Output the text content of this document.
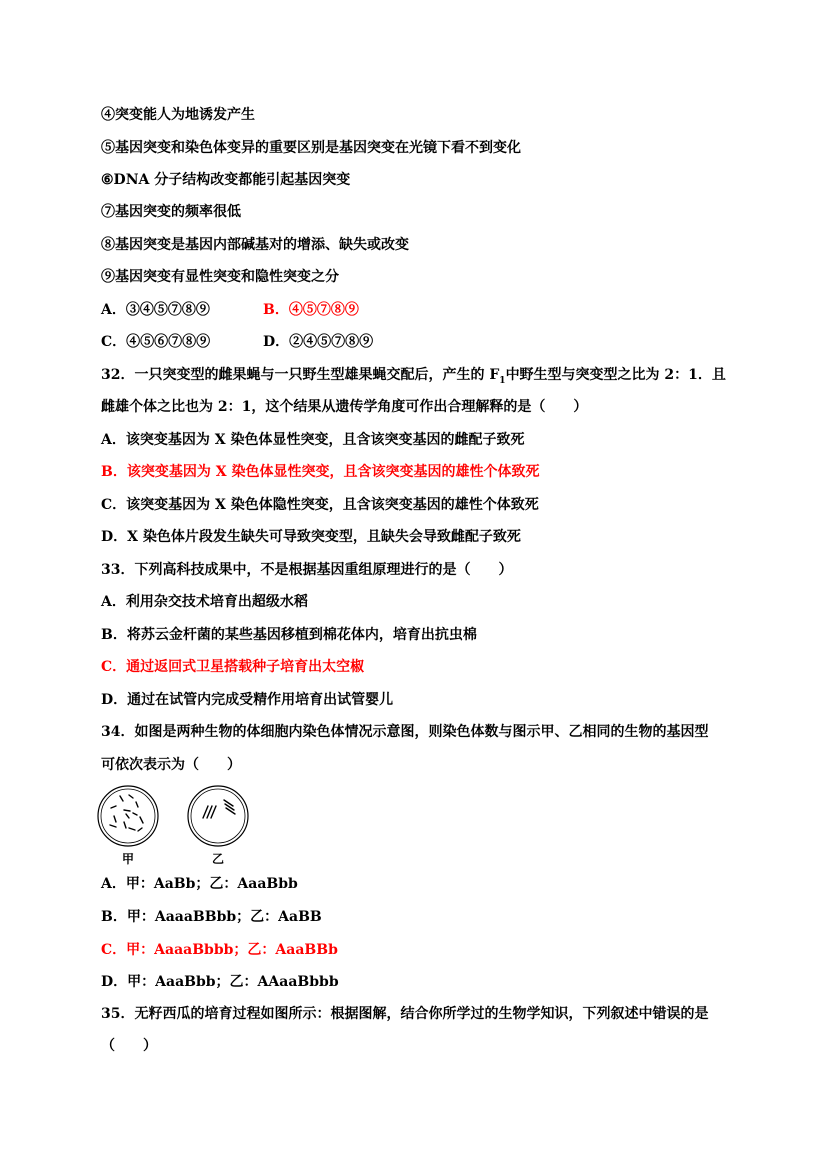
④突变能人为地诱发产生
⑤基因突变和染色体变异的重要区别是基因突变在光镜下看不到变化
⑥DNA 分子结构改变都能引起基因突变
⑦基因突变的频率很低
⑧基因突变是基因内部碱基对的增添、缺失或改变
⑨基因突变有显性突变和隐性突变之分
A．③④⑤⑦⑧⑨	B．④⑤⑦⑧⑨
C．④⑤⑥⑦⑧⑨	D．②④⑤⑦⑧⑨
32．一只突变型的雌果蝇与一只野生型雄果蝇交配后，产生的 $F_1$中野生型与突变型之比为 2：1．且
雌雄个体之比也为 2：1，这个结果从遗传学角度可作出合理解释的是（　　）
A．该突变基因为 X 染色体显性突变，且含该突变基因的雌配子致死
B．该突变基因为 X 染色体显性突变，且含该突变基因的雄性个体致死
C．该突变基因为 X 染色体隐性突变，且含该突变基因的雄性个体致死
D．X 染色体片段发生缺失可导致突变型，且缺失会导致雌配子致死
33．下列高科技成果中，不是根据基因重组原理进行的是（　　）
A．利用杂交技术培育出超级水稻
B．将苏云金杆菌的某些基因移植到棉花体内，培育出抗虫棉
C．通过返回式卫星搭载种子培育出太空椒
D．通过在试管内完成受精作用培育出试管婴儿
34．如图是两种生物的体细胞内染色体情况示意图，则染色体数与图示甲、乙相同的生物的基因型
可依次表示为（　　）
甲	乙
A．甲：AaBb；乙：AaaBbb
B．甲：AaaaBBbb；乙：AaBB
C．甲：AaaaBbbb；乙：AaaBBb
D．甲：AaaBbb；乙：AAaaBbbb
35．无籽西瓜的培育过程如图所示：根据图解，结合你所学过的生物学知识，下列叙述中错误的是
（　　）
